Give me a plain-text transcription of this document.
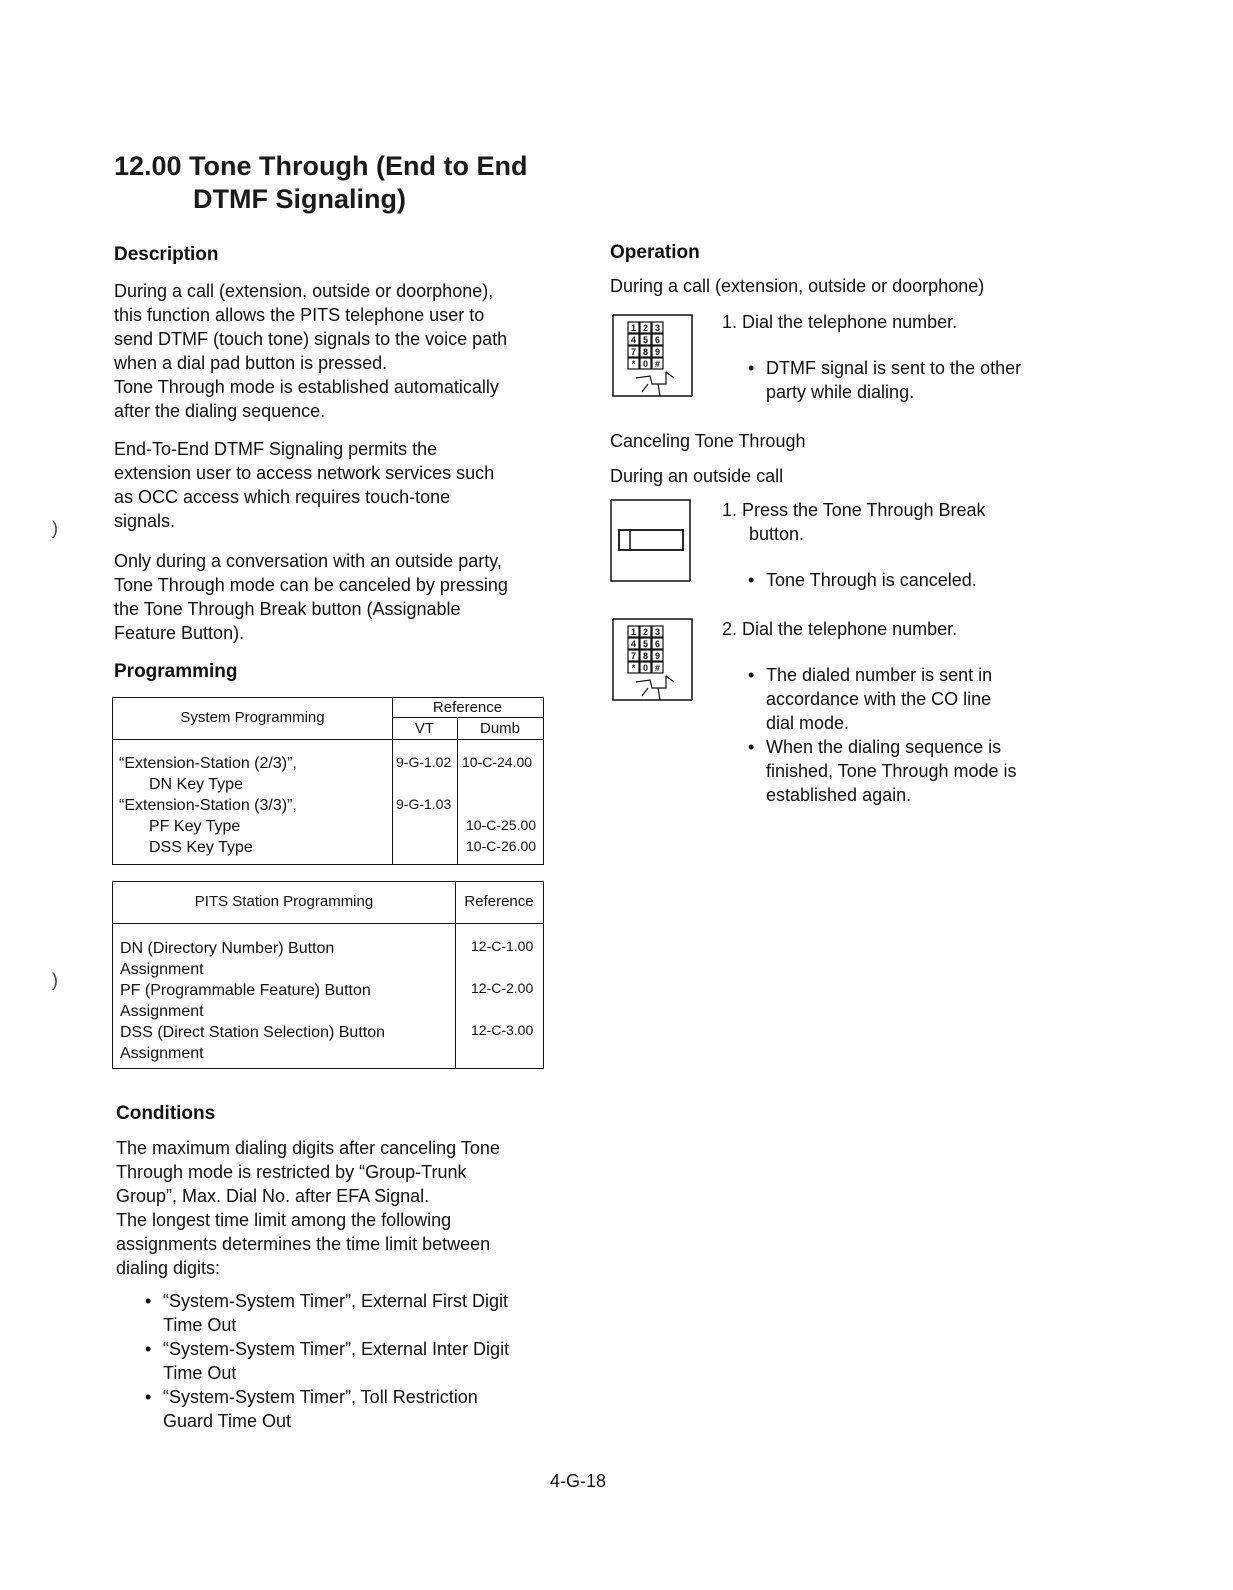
12.00 Tone Through (End to End
DTMF Signaling)
Description
During a call (extension, outside or doorphone),
this function allows the PITS telephone user to
send DTMF (touch tone) signals to the voice path
when a dial pad button is pressed.
Tone Through mode is established automatically
after the dialing sequence.
End-To-End DTMF Signaling permits the
extension user to access network services such
as OCC access which requires touch-tone
signals.
Only during a conversation with an outside party,
Tone Through mode can be canceled by pressing
the Tone Through Break button (Assignable
Feature Button).
Programming
System Programming
Reference
VT	Dumb
“Extension-Station (2/3)”,
DN Key Type
“Extension-Station (3/3)”,
PF Key Type
DSS Key Type
9-G-1.02 10-C-24.00
9-G-1.03
10-C-25.00
10-C-26.00
PITS Station Programming	Reference
DN (Directory Number) Button
Assignment
PF (Programmable Feature) Button
Assignment
DSS (Direct Station Selection) Button
Assignment
12-C-1.00
12-C-2.00
12-C-3.00
Conditions
The maximum dialing digits after canceling Tone
Through mode is restricted by “Group-Trunk
Group”, Max. Dial No. after EFA Signal.
The longest time limit among the following
assignments determines the time limit between
dialing digits:
• “System-System Timer”, External First Digit
Time Out
• “System-System Timer”, External Inter Digit
Time Out
• “System-System Timer”, Toll Restriction
Guard Time Out
Operation
During a call (extension, outside or doorphone)
1 2 3
4 5 6
7 8 9
* 0 #
1. Dial the telephone number.
• DTMF signal is sent to the other
party while dialing.
Canceling Tone Through
During an outside call
1. Press the Tone Through Break
button.
• Tone Through is canceled.
1 2 3
4 5 6
7 8 9
* 0 #
2. Dial the telephone number.
• The dialed number is sent in
accordance with the CO line
dial mode.
• When the dialing sequence is
finished, Tone Through mode is
established again.
)
)
4-G-18
